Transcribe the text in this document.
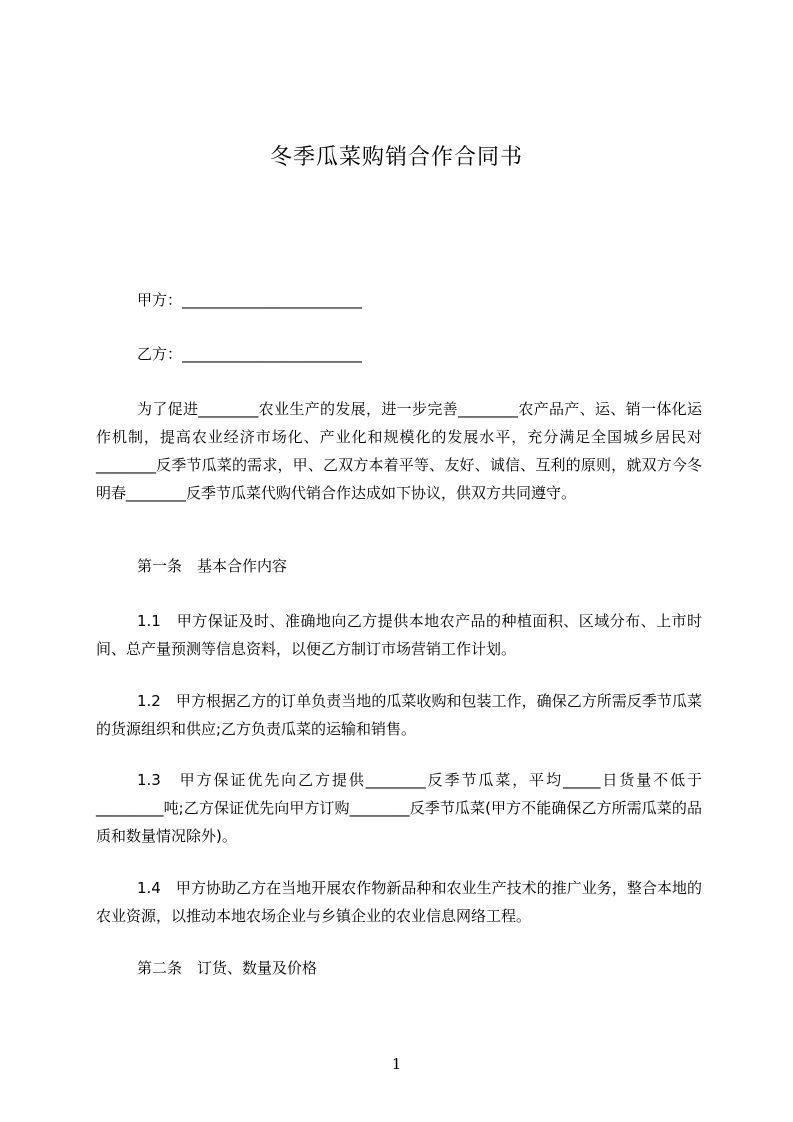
冬季瓜菜购销合作合同书
甲方：________________________
乙方：________________________
为了促进________农业生产的发展，进一步完善________农产品产、运、销一体化运作机制，提高农业经济市场化、产业化和规模化的发展水平，充分满足全国城乡居民对________反季节瓜菜的需求，甲、乙双方本着平等、友好、诚信、互利的原则，就双方今冬明春________反季节瓜菜代购代销合作达成如下协议，供双方共同遵守。
第一条　基本合作内容
1.1　甲方保证及时、准确地向乙方提供本地农产品的种植面积、区域分布、上市时间、总产量预测等信息资料，以便乙方制订市场营销工作计划。
1.2　甲方根据乙方的订单负责当地的瓜菜收购和包装工作，确保乙方所需反季节瓜菜的货源组织和供应;乙方负责瓜菜的运输和销售。
1.3　甲方保证优先向乙方提供________反季节瓜菜，平均_____日货量不低于_________吨;乙方保证优先向甲方订购________反季节瓜菜(甲方不能确保乙方所需瓜菜的品质和数量情况除外)。
1.4　甲方协助乙方在当地开展农作物新品种和农业生产技术的推广业务，整合本地的农业资源，以推动本地农场企业与乡镇企业的农业信息网络工程。
第二条　订货、数量及价格
1
